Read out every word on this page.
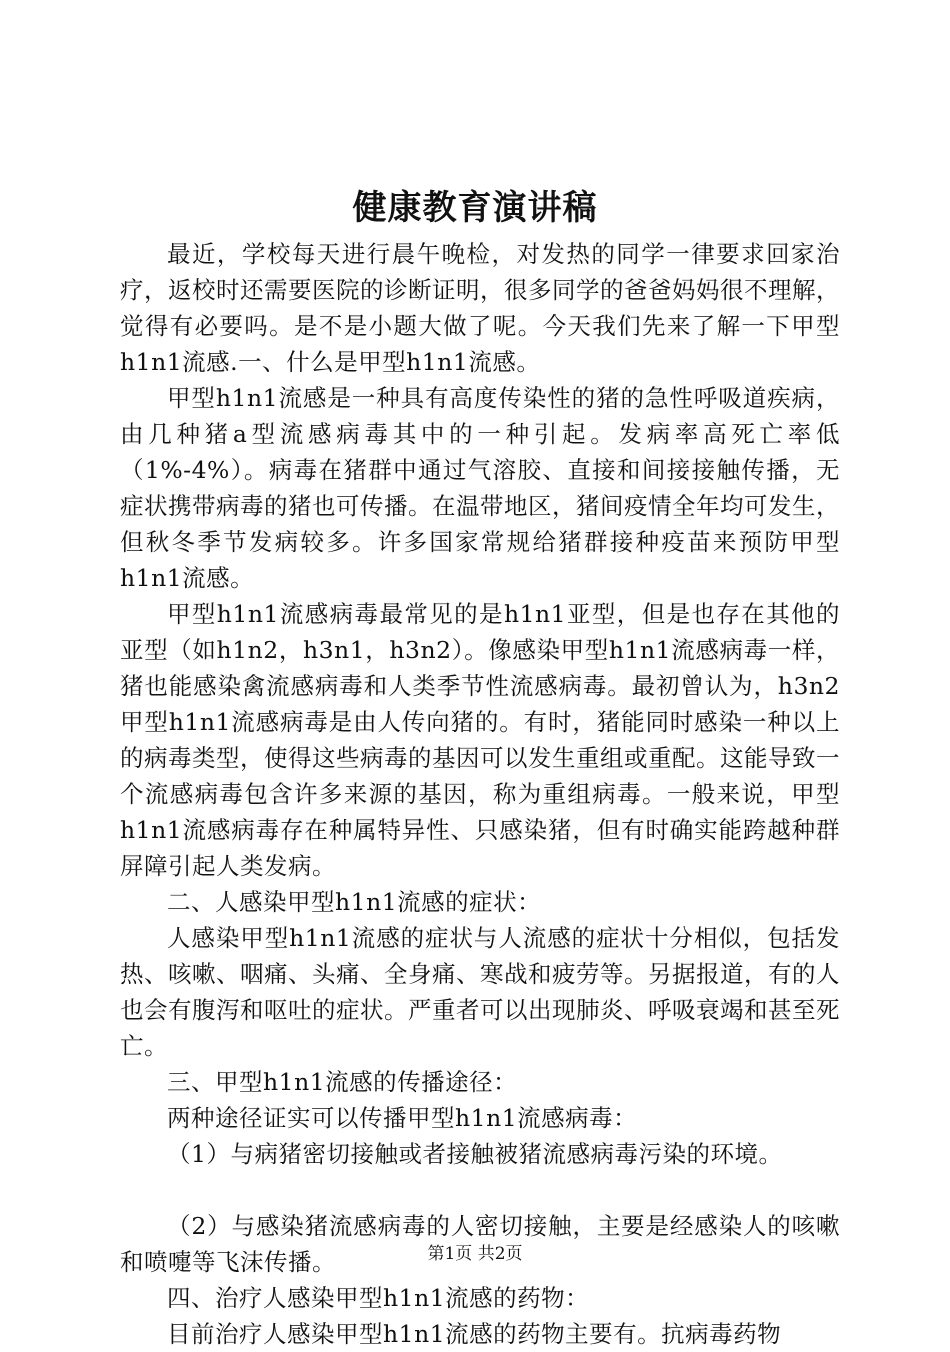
健康教育演讲稿

最近，学校每天进行晨午晚检，对发热的同学一律要求回家治疗，返校时还需要医院的诊断证明，很多同学的爸爸妈妈很不理解，觉得有必要吗。是不是小题大做了呢。今天我们先来了解一下甲型h1n1流感.一、什么是甲型h1n1流感。

甲型h1n1流感是一种具有高度传染性的猪的急性呼吸道疾病，由几种猪a型流感病毒其中的一种引起。发病率高死亡率低（1%-4%）。病毒在猪群中通过气溶胶、直接和间接接触传播，无症状携带病毒的猪也可传播。在温带地区，猪间疫情全年均可发生，但秋冬季节发病较多。许多国家常规给猪群接种疫苗来预防甲型h1n1流感。

甲型h1n1流感病毒最常见的是h1n1亚型，但是也存在其他的亚型（如h1n2，h3n1，h3n2）。像感染甲型h1n1流感病毒一样，猪也能感染禽流感病毒和人类季节性流感病毒。最初曾认为，h3n2甲型h1n1流感病毒是由人传向猪的。有时，猪能同时感染一种以上的病毒类型，使得这些病毒的基因可以发生重组或重配。这能导致一个流感病毒包含许多来源的基因，称为重组病毒。一般来说，甲型h1n1流感病毒存在种属特异性、只感染猪，但有时确实能跨越种群屏障引起人类发病。

二、人感染甲型h1n1流感的症状：

人感染甲型h1n1流感的症状与人流感的症状十分相似，包括发热、咳嗽、咽痛、头痛、全身痛、寒战和疲劳等。另据报道，有的人也会有腹泻和呕吐的症状。严重者可以出现肺炎、呼吸衰竭和甚至死亡。

三、甲型h1n1流感的传播途径：

两种途径证实可以传播甲型h1n1流感病毒：

（1）与病猪密切接触或者接触被猪流感病毒污染的环境。

（2）与感染猪流感病毒的人密切接触，主要是经感染人的咳嗽和喷嚏等飞沫传播。

四、治疗人感染甲型h1n1流感的药物：

目前治疗人感染甲型h1n1流感的药物主要有。抗病毒药物

第1页 共2页
